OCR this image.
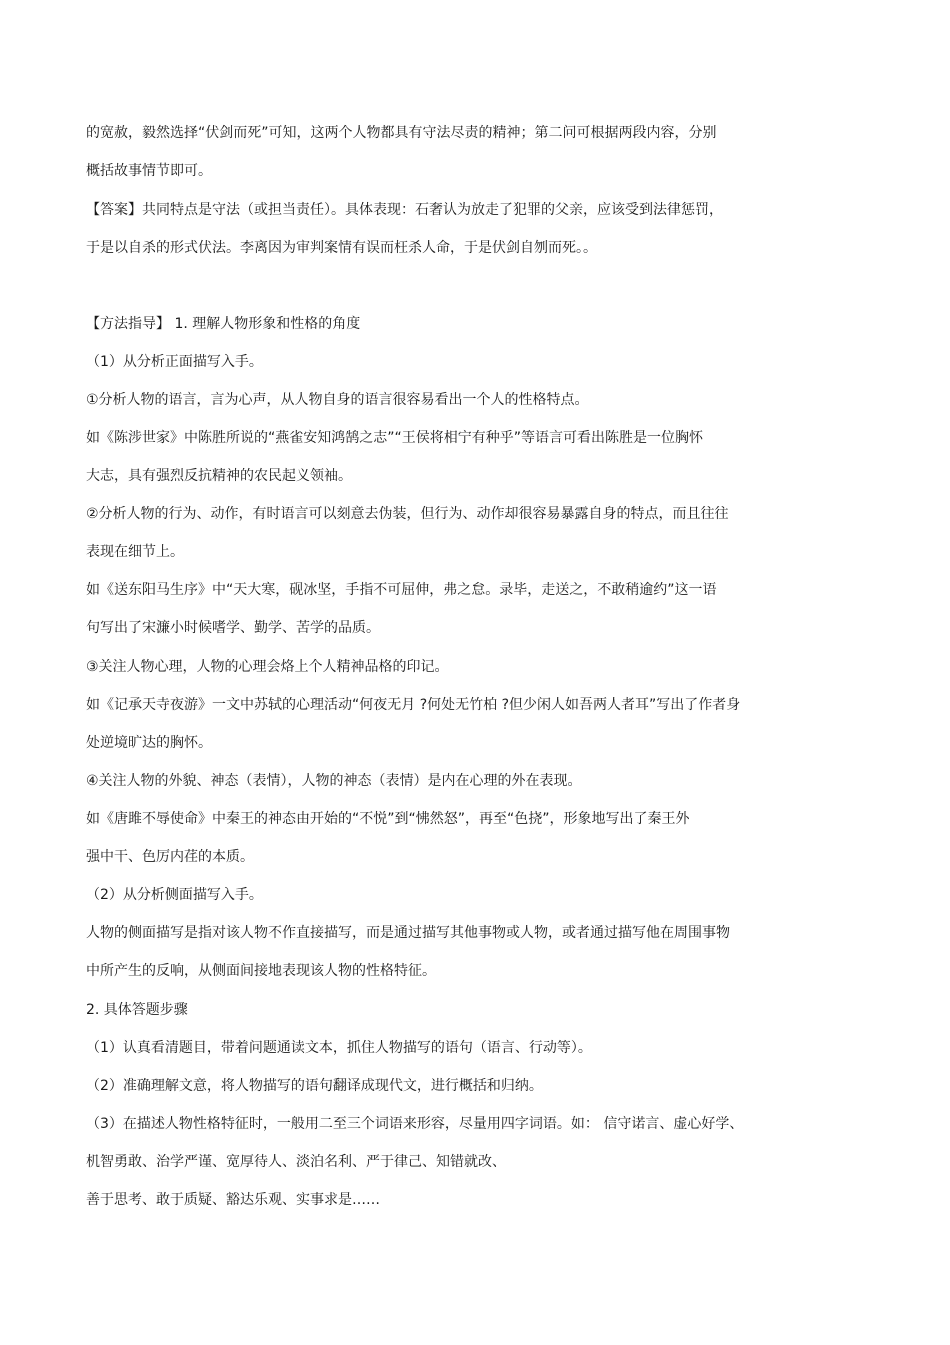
的宽赦，毅然选择“伏剑而死”可知，这两个人物都具有守法尽责的精神；第二问可根据两段内容，分别
概括故事情节即可。
【答案】共同特点是守法（或担当责任）。具体表现：石奢认为放走了犯罪的父亲，应该受到法律惩罚，
于是以自杀的形式伏法。李离因为审判案情有误而枉杀人命，于是伏剑自刎而死。。
【方法指导】 1. 理解人物形象和性格的角度
（1）从分析正面描写入手。
①分析人物的语言，言为心声，从人物自身的语言很容易看出一个人的性格特点。
如《陈涉世家》中陈胜所说的“燕雀安知鸿鹄之志”“王侯将相宁有种乎”等语言可看出陈胜是一位胸怀
大志，具有强烈反抗精神的农民起义领袖。
②分析人物的行为、动作，有时语言可以刻意去伪装，但行为、动作却很容易暴露自身的特点，而且往往
表现在细节上。
如《送东阳马生序》中“天大寒，砚冰坚，手指不可屈伸，弗之怠。录毕，走送之，不敢稍逾约”这一语
句写出了宋濂小时候嗜学、勤学、苦学的品质。
③关注人物心理，人物的心理会烙上个人精神品格的印记。
如《记承天寺夜游》一文中苏轼的心理活动“何夜无月 ?何处无竹柏 ?但少闲人如吾两人者耳”写出了作者身
处逆境旷达的胸怀。
④关注人物的外貌、神态（表情），人物的神态（表情）是内在心理的外在表现。
如《唐雎不辱使命》中秦王的神态由开始的“不悦”到“怫然怒”，再至“色挠”，形象地写出了秦王外
强中干、色厉内荏的本质。
（2）从分析侧面描写入手。
人物的侧面描写是指对该人物不作直接描写，而是通过描写其他事物或人物，或者通过描写他在周围事物
中所产生的反响，从侧面间接地表现该人物的性格特征。
2. 具体答题步骤
（1）认真看清题目，带着问题通读文本，抓住人物描写的语句（语言、行动等）。
（2）准确理解文意，将人物描写的语句翻译成现代文，进行概括和归纳。
（3）在描述人物性格特征时，一般用二至三个词语来形容，尽量用四字词语。如： 信守诺言、虚心好学、
机智勇敢、治学严谨、宽厚待人、淡泊名利、严于律己、知错就改、
善于思考、敢于质疑、豁达乐观、实事求是……
